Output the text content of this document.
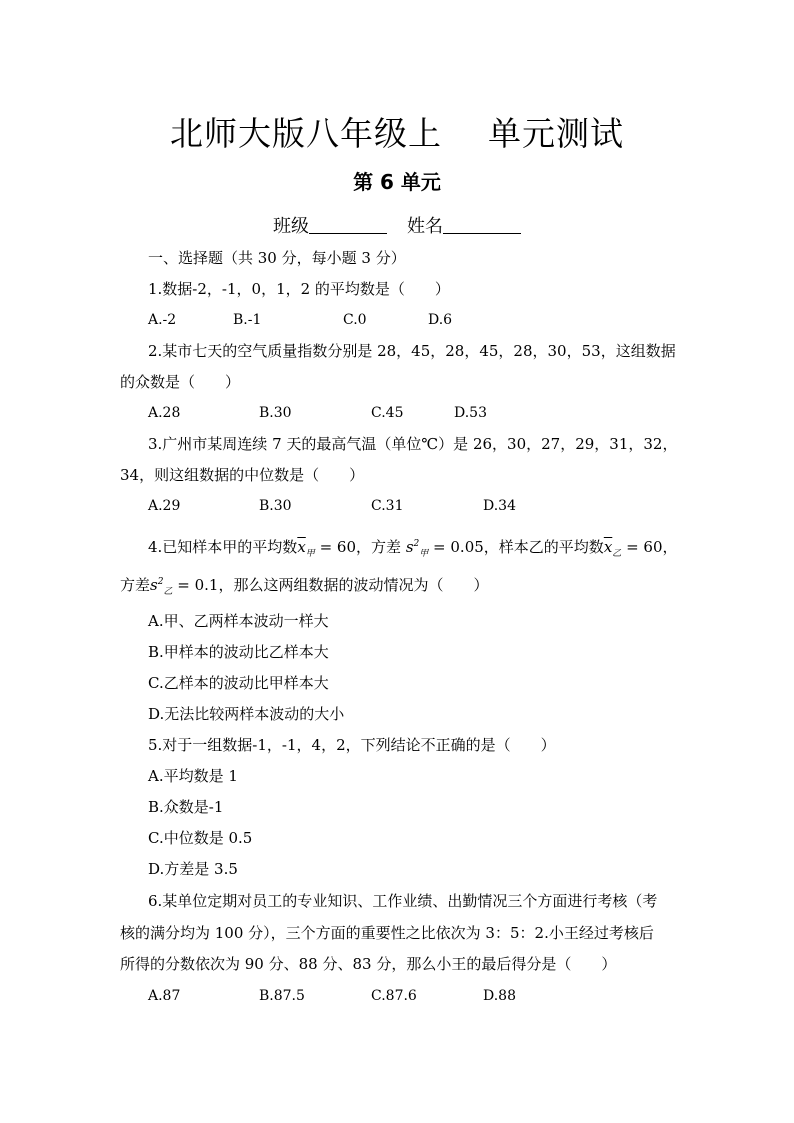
北师大版八年级上 单元测试
第 6 单元
班级	姓名
一、选择题（共 30 分，每小题 3 分）
1.数据-2，-1，0，1，2 的平均数是（　　）
A.-2	B.-1	C.0	D.6
2.某市七天的空气质量指数分别是 28，45，28，45，28，30，53，这组数据
的众数是（　　）
A.28	B.30	C.45	D.53
3.广州市某周连续 7 天的最高气温（单位℃）是 26，30，27，29，31，32，
34，则这组数据的中位数是（　　）
A.29	B.30	C.31	D.34
4.已知样本甲的平均数$\overline{x}_甲 = 60$，方差 $s^2_甲 = 0.05$，样本乙的平均数$\overline{x}_乙 = 60$，
方差$s^2_乙 = 0.1$，那么这两组数据的波动情况为（　　）
A.甲、乙两样本波动一样大
B.甲样本的波动比乙样本大
C.乙样本的波动比甲样本大
D.无法比较两样本波动的大小
5.对于一组数据-1，-1，4，2，下列结论不正确的是（　　）
A.平均数是 1
B.众数是-1
C.中位数是 0.5
D.方差是 3.5
6.某单位定期对员工的专业知识、工作业绩、出勤情况三个方面进行考核（考
核的满分均为 100 分），三个方面的重要性之比依次为 3：5：2.小王经过考核后
所得的分数依次为 90 分、88 分、83 分，那么小王的最后得分是（　　）
A.87	B.87.5	C.87.6	D.88
